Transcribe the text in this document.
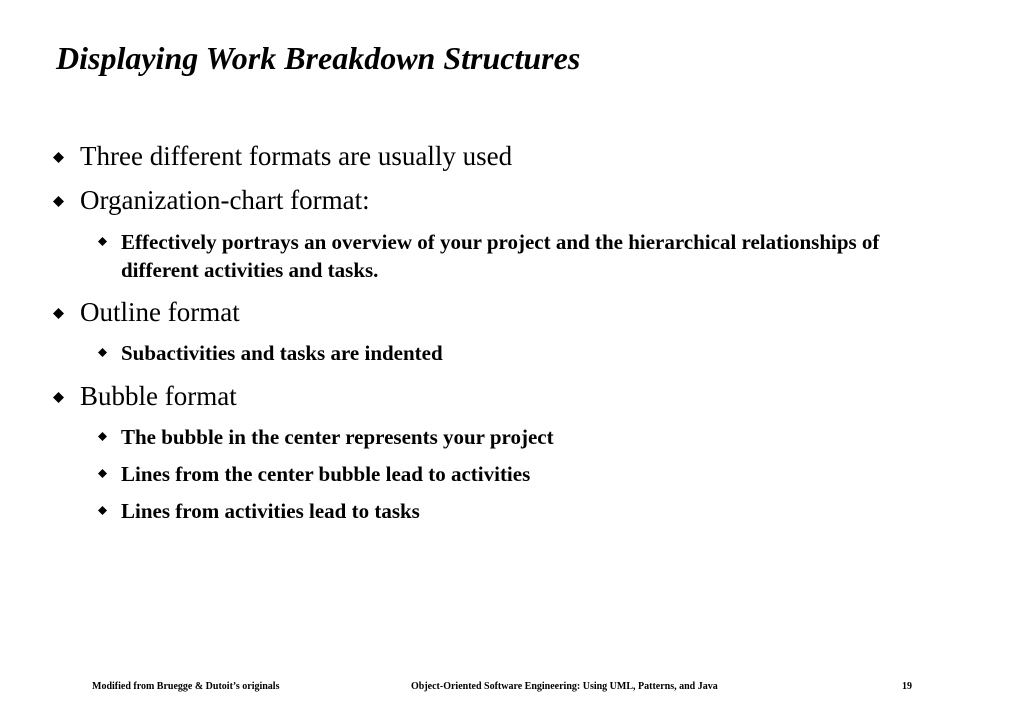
Displaying Work Breakdown Structures
Three different formats are usually used
Organization-chart format:
Effectively portrays an overview of your project and the hierarchical relationships of different activities and tasks.
Outline format
Subactivities and tasks are indented
Bubble format
The bubble in the center represents your project
Lines from the center bubble lead to activities
Lines from activities lead to tasks
Modified from Bruegge & Dutoit’s originals	Object-Oriented Software Engineering: Using UML, Patterns, and Java	19
